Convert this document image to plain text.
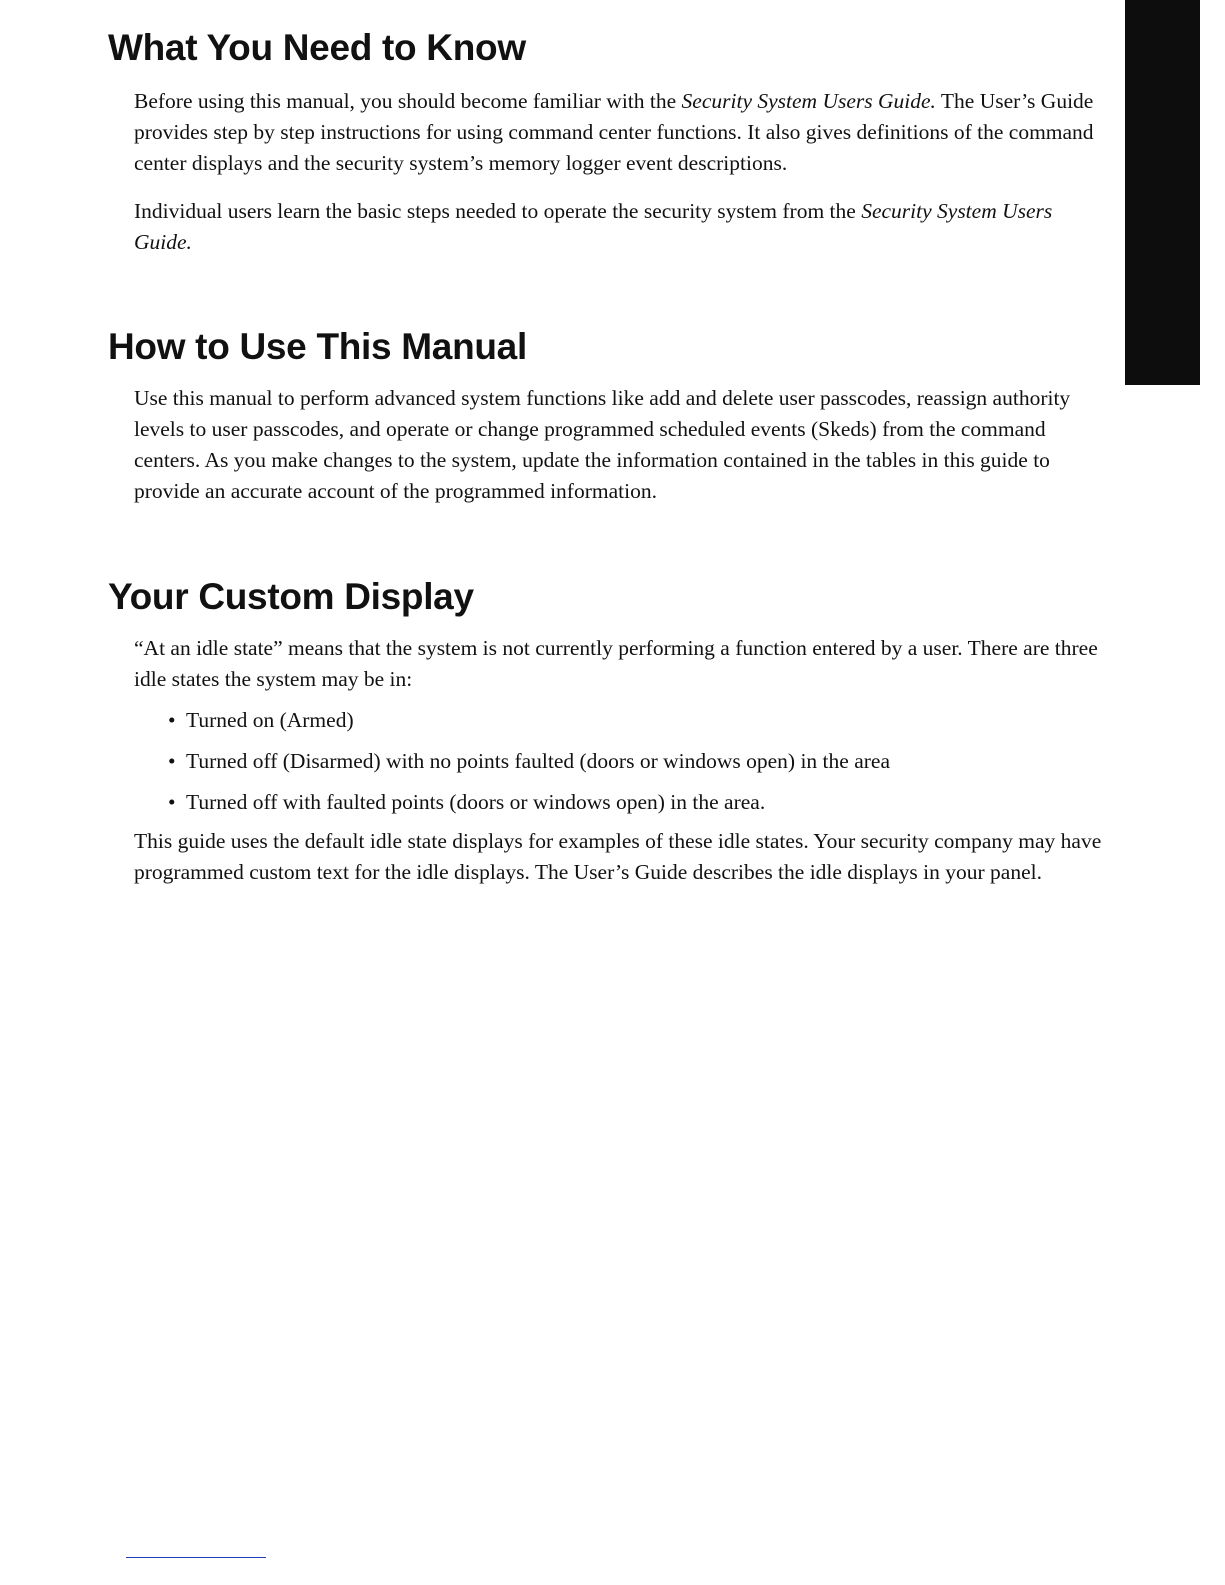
What You Need to Know

Before using this manual, you should become familiar with the Security System Users Guide. The User’s Guide provides step by step instructions for using command center functions. It also gives definitions of the command center displays and the security system’s memory logger event descriptions.

Individual users learn the basic steps needed to operate the security system from the Security System Users Guide.

How to Use This Manual

Use this manual to perform advanced system functions like add and delete user passcodes, reassign authority levels to user passcodes, and operate or change programmed scheduled events (Skeds) from the command centers. As you make changes to the system, update the information contained in the tables in this guide to provide an accurate account of the programmed information.

Your Custom Display

“At an idle state” means that the system is not currently performing a function entered by a user. There are three idle states the system may be in:

• Turned on (Armed)
• Turned off (Disarmed) with no points faulted (doors or windows open) in the area
• Turned off with faulted points (doors or windows open) in the area.

This guide uses the default idle state displays for examples of these idle states. Your security company may have programmed custom text for the idle displays. The User’s Guide describes the idle displays in your panel.
